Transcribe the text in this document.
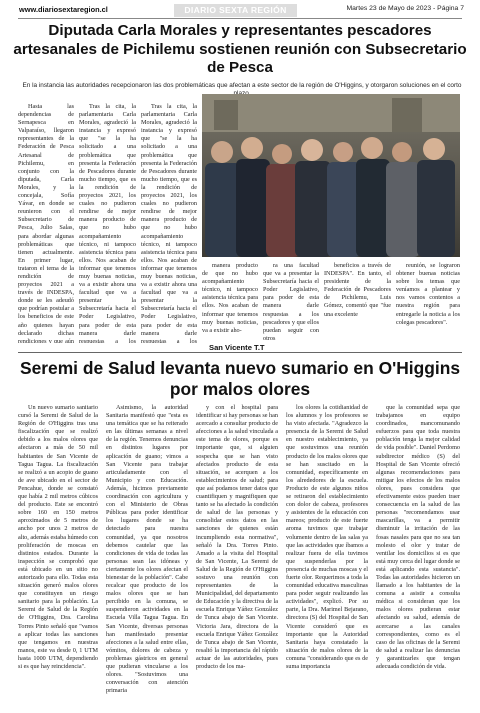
www.diariosextaregion.cl	DIARIO SEXTA REGIÓN	Martes 23 de Mayo de 2023 - Página 7
Diputada Carla Morales y representantes pescadores artesanales de Pichilemu sostienen reunión con Subsecretario de Pesca
En la instancia las autoridades recepcionaron las dos problemáticas que afectan a este sector de la región de O'Higgins, y otorgaron soluciones en el corto

Hasta las dependencias de Sernapesca en Valparaíso, llegaron representantes de la Federación de Pesca Artesanal de Pichilemu, en conjunto con la diputada, Carla Morales, y la concejala, Sofía Yávar, en donde se reunieron con el Subsecretario de Pesca, Julio Salas, para abordar algunas problemáticas que tienen actualmente. En primer lugar, trataron el tema de la rendición de proyectos 2021 a través de INDESPA, donde se les adeudó que podrían postular a los beneficios de este año quienes hayan declarado dichas rendiciones y que aún

Tras la cita, la parlamentaria Carla Morales, agradeció la instancia y expresó que "se la ha solicitado a una problemática que presenta la Federación de Pescadores durante mucho tiempo, que es la rendición de proyectos 2021, los cuales no pudieron rendirse de mejor manera producto de que no hubo acompañamiento técnico, ni tampoco asistencia técnica para ellos. Nos acaban de informar que tenemos muy buenas noticias, va a existir ahora una facultad que va a presentar la Subsecretaría hacia el Poder Legislativo, para poder de esta manera darle respuestas a los

Tras la cita, la parlamentaria Carla Morales, agradeció la instancia y expresó que "se la ha solicitado a una problemática que presenta la Federación de Pescadores durante mucho tiempo, que es la rendición de proyectos 2021, los cuales no pudieron rendirse de mejor manera producto de que no hubo acompañamiento técnico, ni tampoco asistencia técnica para ellos. Nos acaban de informar que tenemos muy buenas noticias, va a existir ahora una facultad que va a presentar la Subsecretaría hacia el Poder Legislativo, para poder de esta manera darle respuestas a los

manera producto de que no hubo acompañamiento técnico, ni tampoco asistencia técnica para ellos. Nos acaban de informar que tenemos muy buenas noticias, va a existir aho-

ra una facultad que va a presentar la Subsecretaría hacia el Poder Legislativo, para poder de esta manera darle respuestas a los pescadores y que ellos puedan seguir con otros

beneficios a través de INDESPA". En tanto, el presidente de la Federación de Pescadores de Pichilemu, Luis Gómez, comentó que "fue una excelente

reunión, se lograron obtener buenas noticias sobre los temas que veníamos a plantear y nos vamos contentos a nuestra región para entregarle la noticia a los colegas pescadores".

San Vicente T.T
Seremi de Salud levanta nuevo sumario en O'Higgins por malos olores

Un nuevo sumario sanitario cursó la Seremi de Salud de la Región de O'Higgins tras una fiscalización que se realizó debido a los malos olores que afectaron a más de 50 mil habitantes de San Vicente de Tagua Tagua. La fiscalización se realizó a un acopio de guano de ave ubicado en el sector de Pencahue, donde se constató que había 2 mil metros cúbicos del producto. Este se encontró sobre 160 en 150 metros aproximados de 5 metros de ancho por unos 2 metros de alto, además estaba húmedo con proliferación de moscas en distintos estados. Durante la inspección se comprobó que está ubicado en un sitio no autorizado para ello. Todas esta situación generó malos olores que constituyen un riesgo sanitario para la población. La Seremi de Salud de la Región de O'Higgins, Dra. Carolina Torres Pinto señaló que "vamos a aplicar todas las sanciones que tengamos en nuestras manos, este va desde 0, 1 UTM hasta 1000 UTM, dependiendo si es que hay reincidencia".

Asimismo, la autoridad Sanitaria manifestó que "esta es una temática que se ha reiterado en las últimas semanas a nivel de la región. Tenemos denuncias en distintos lugares por aplicación de guano; vimos a San Vicente para trabajar articuladamente con el Municipio y con Educación. Además, hicimos previamente coordinación con agricultura y con el Ministerio de Obras Públicas para poder identificar los lugares donde se ha detectado para nuestra comunidad, ya que nosotros debemos cautelar que las condiciones de vida de todas las personas sean las idóneas y ciertamente los olores afectan el bienestar de la población". Cabe recalcar que producto de los malos olores que se han percibido en la comuna, se suspendieron actividades en la Escuela Villa Tagua Tagua. En San Vicente, diversas personas han manifestado presentar afecciones a la salud entre ellas, vómitos, dolores de cabeza y problemas gástricos en general que pudieran vincularse a los olores. "Sostuvimos una conversación con atención primaria

y con el hospital para identificar si hay personas se han acercado a consultar producto de afecciones a la salud vinculada a este tema de olores, porque es importante que, si alguien sospecha que se han visto afectados producto de esta situación, se acerquen a los establecimientos de salud; para que así podamos tener datos que cuantifiquen y magnifiquen que tanto se ha afectado la condición de salud de las personas y consolidar estos datos en las sanciones de quienes están incumpliendo esta normativa", señaló la Dra. Torres Pinto. Amado a la visita del Hospital de San Vicente, La Seremi de Salud de la Región de O'Higgins sostuvo una reunión con representantes de la Municipalidad, del departamento de Educación y la directiva de la escuela Enrique Yáñez González de Tunca abajo de San Vicente. Victoria Jara, directora de la escuela Enrique Yáñez González de Tunca abajo de San Vicente, resaltó la importancia del rápido actuar de las autoridades, pues producto de los ma-

los olores la cotidianidad de los alumnos y los profesores se ha visto afectada. "Agradezco la presencia de la Seremi de Salud en nuestro establecimiento, ya que sostuvimos una reunión producto de los malos olores que se han suscitado en la comunidad, específicamente en los alrededores de la escuela. Producto de este algunos niños se retiraron del establecimiento con dolor de cabeza, profesores y asistentes de la educación con mareos; producto de este fuerte aroma tuvimos que trabajar volumente dentro de las salas ya que las actividades que íbamos a realizar fuera de ella tuvimos que suspenderlas por la presencia de muchas moscas y el fuerte olor. Requerimos a toda la comunidad educativa masculinas para poder seguir realizando las actividades", explicó. Por su parte, la Dra. Marimel Bejarano, directora (S) del Hospital de San Vicente consideró que es importante que la Autoridad Sanitaria haya constatado la situación de malos olores de la comuna "considerando que es de suma importancia

que la comunidad sepa que trabajamos en equipo coordinados, mancomunando esfuerzos para que toda nuestra población tenga la mejor calidad de vida posible". Daniel Perdomo subdirector médico (S) del Hospital de San Vicente ofreció algunas recomendaciones para mitigar los efectos de los malos olores, pues considera que efectivamente estos pueden traer consecuencia en la salud de las personas "recomendamos usar mascarillas, va a permitir disminuir la irritación de las fosas nasales para que no sea tan molesto el olor y tratar de ventilar los domicilios si es que está muy cerca del lugar donde se está aplicando esta sustancia". Todas las autoridades hicieron un llamado a los habitantes de la comuna a asistir a consulta médica si consideran que los malos olores pudieran estar afectando su salud, además de acercarse a las canales correspondientes, como es el caso de las oficinas de la Seremi de salud a realizar las denuncias y garantizarles que tengan adecuada condición de vida.
